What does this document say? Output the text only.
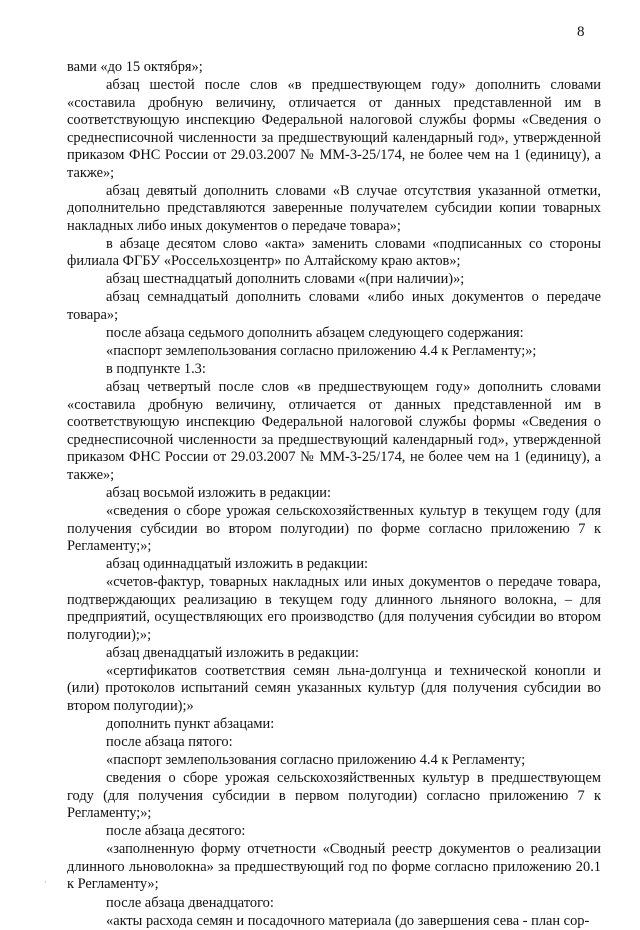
8

вами «до 15 октября»;

абзац шестой после слов «в предшествующем году» дополнить словами «составила дробную величину, отличается от данных представленной им в соответствующую инспекцию Федеральной налоговой службы формы «Сведения о среднесписочной численности за предшествующий календарный год», утвержденной приказом ФНС России от 29.03.2007 № ММ-3-25/174, не более чем на 1 (единицу), а также»;

абзац девятый дополнить словами «В случае отсутствия указанной отметки, дополнительно представляются заверенные получателем субсидии копии товарных накладных либо иных документов о передаче товара»;

в абзаце десятом слово «акта» заменить словами «подписанных со стороны филиала ФГБУ «Россельхозцентр» по Алтайскому краю актов»;

абзац шестнадцатый дополнить словами «(при наличии)»;

абзац семнадцатый дополнить словами «либо иных документов о передаче товара»;

после абзаца седьмого дополнить абзацем следующего содержания:

«паспорт землепользования согласно приложению 4.4 к Регламенту;»;

в подпункте 1.3:

абзац четвертый после слов «в предшествующем году» дополнить словами «составила дробную величину, отличается от данных представленной им в соответствующую инспекцию Федеральной налоговой службы формы «Сведения о среднесписочной численности за предшествующий календарный год», утвержденной приказом ФНС России от 29.03.2007 № ММ-3-25/174, не более чем на 1 (единицу), а также»;

абзац восьмой изложить в редакции:

«сведения о сборе урожая сельскохозяйственных культур в текущем году (для получения субсидии во втором полугодии) по форме согласно приложению 7 к Регламенту;»;

абзац одиннадцатый изложить в редакции:

«счетов-фактур, товарных накладных или иных документов о передаче товара, подтверждающих реализацию в текущем году длинного льняного волокна, – для предприятий, осуществляющих его производство (для получения субсидии во втором полугодии);»;

абзац двенадцатый изложить в редакции:

«сертификатов соответствия семян льна-долгунца и технической конопли и (или) протоколов испытаний семян указанных культур (для получения субсидии во втором полугодии);»

дополнить пункт абзацами:

после абзаца пятого:

«паспорт землепользования согласно приложению 4.4 к Регламенту;

сведения о сборе урожая сельскохозяйственных культур в предшествующем году (для получения субсидии в первом полугодии) согласно приложению 7 к Регламенту;»;

после абзаца десятого:

«заполненную форму отчетности «Сводный реестр документов о реализации длинного льноволокна» за предшествующий год по форме согласно приложению 20.1 к Регламенту»;

после абзаца двенадцатого:

«акты расхода семян и посадочного материала (до завершения сева - план сор-

·
